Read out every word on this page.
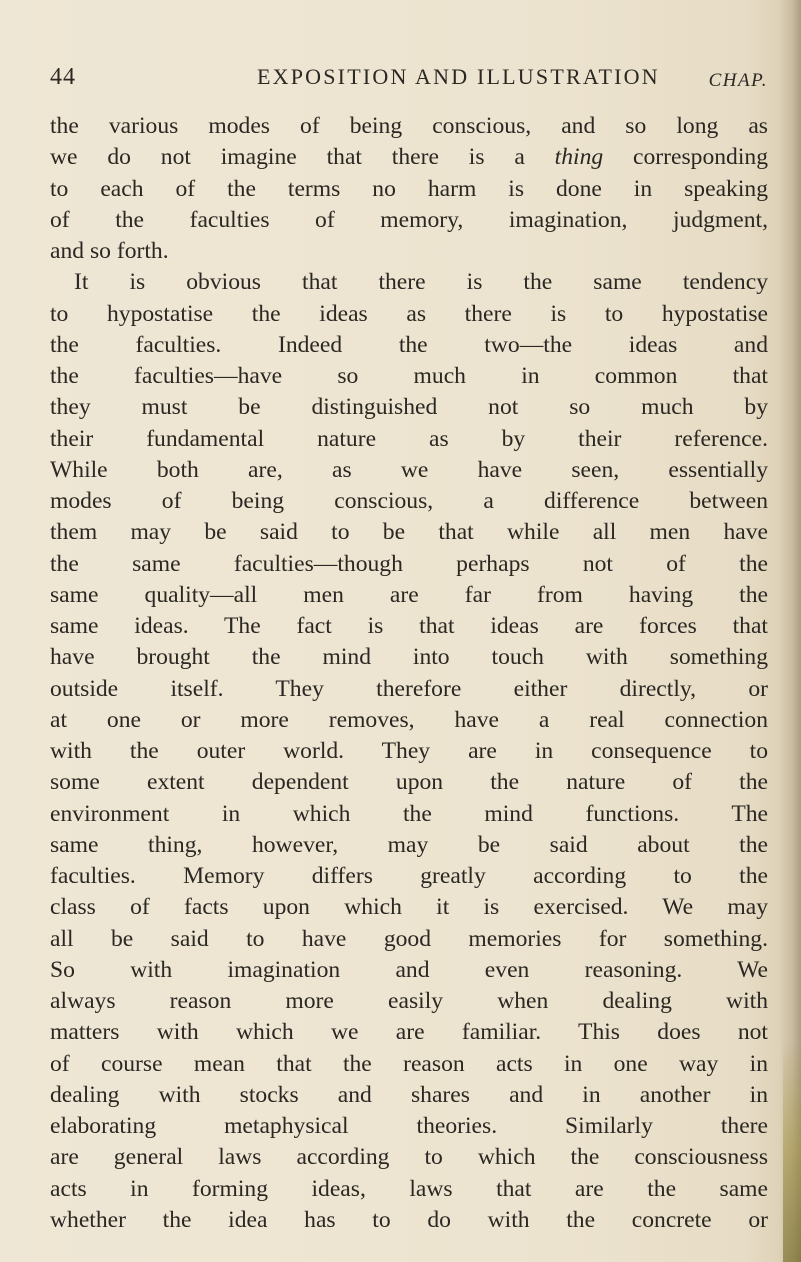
44	EXPOSITION AND ILLUSTRATION	CHAP.
the various modes of being conscious, and so long as
we do not imagine that there is a thing corresponding
to each of the terms no harm is done in speaking
of the faculties of memory, imagination, judgment,
and so forth.
It is obvious that there is the same tendency
to hypostatise the ideas as there is to hypostatise
the faculties. Indeed the two—the ideas and
the faculties—have so much in common that
they must be distinguished not so much by
their fundamental nature as by their reference.
While both are, as we have seen, essentially
modes of being conscious, a difference between
them may be said to be that while all men have
the same faculties—though perhaps not of the
same quality—all men are far from having the
same ideas. The fact is that ideas are forces that
have brought the mind into touch with something
outside itself. They therefore either directly, or
at one or more removes, have a real connection
with the outer world. They are in consequence to
some extent dependent upon the nature of the
environment in which the mind functions. The
same thing, however, may be said about the
faculties. Memory differs greatly according to the
class of facts upon which it is exercised. We may
all be said to have good memories for something.
So with imagination and even reasoning. We
always reason more easily when dealing with
matters with which we are familiar. This does not
of course mean that the reason acts in one way in
dealing with stocks and shares and in another in
elaborating metaphysical theories. Similarly there
are general laws according to which the consciousness
acts in forming ideas, laws that are the same
whether the idea has to do with the concrete or
